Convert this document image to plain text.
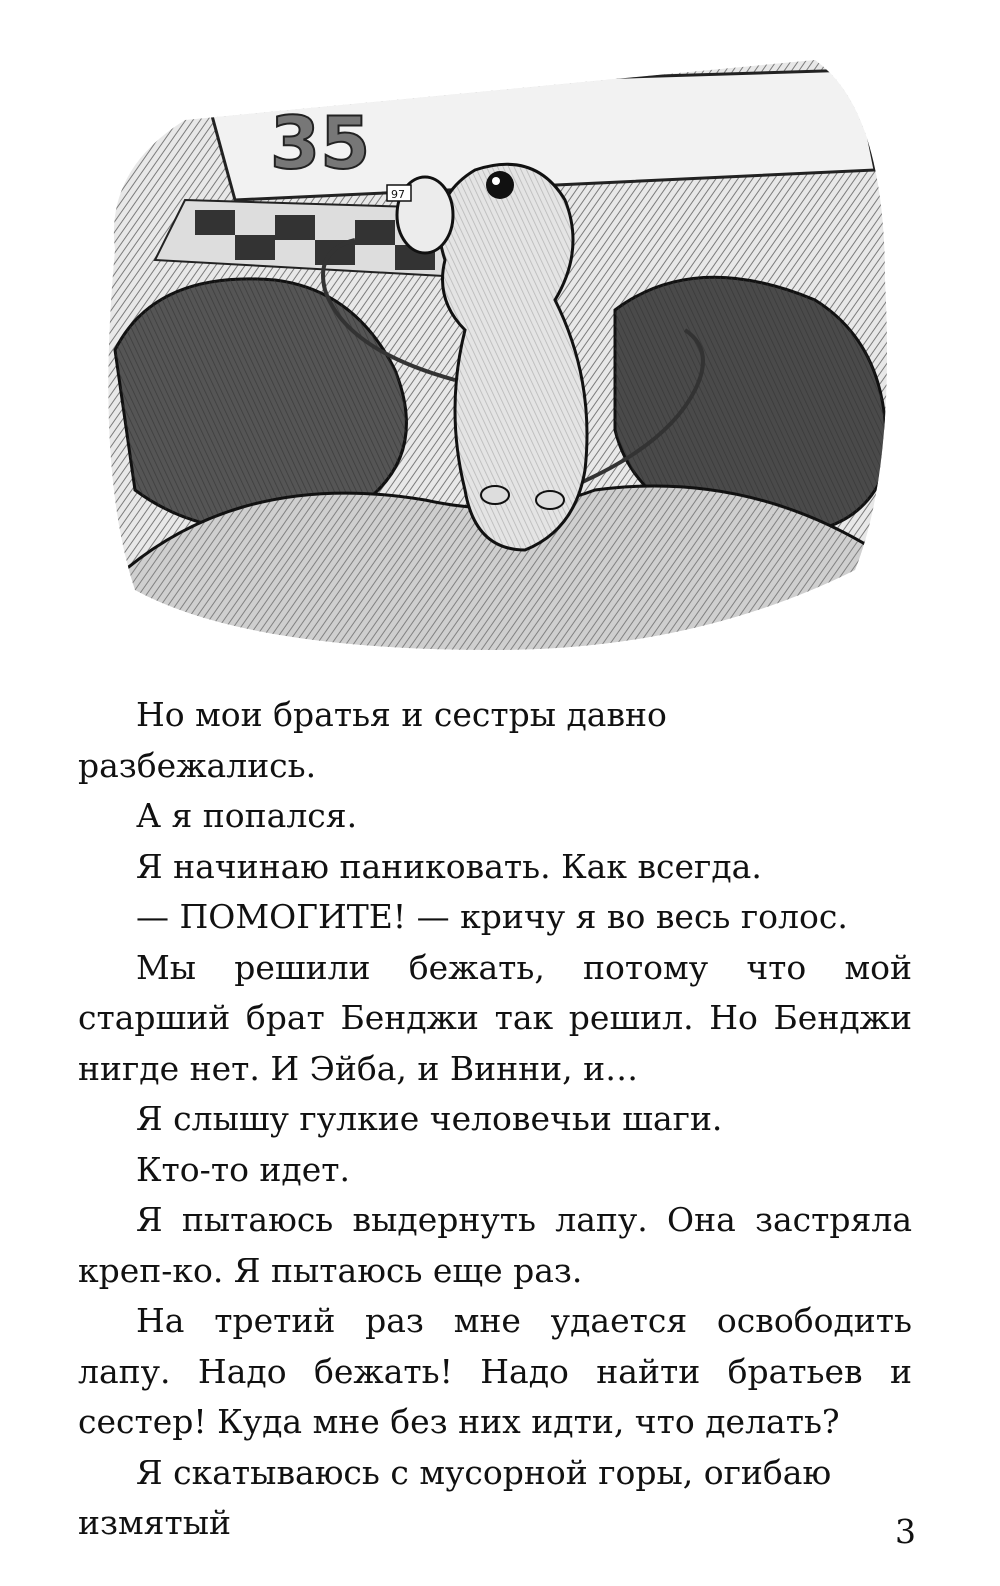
35
97

Но мои братья и сестры давно разбежались.

А я попался.

Я начинаю паниковать. Как всегда.

— ПОМОГИТЕ! — кричу я во весь голос.

Мы решили бежать, потому что мой старший брат Бенджи так решил. Но Бенджи нигде нет. И Эйба, и Винни, и…

Я слышу гулкие человечьи шаги.

Кто-то идет.

Я пытаюсь выдернуть лапу. Она застряла креп-ко. Я пытаюсь еще раз.

На третий раз мне удается освободить лапу. Надо бежать! Надо найти братьев и сестер! Куда мне без них идти, что делать?

Я скатываюсь с мусорной горы, огибаю измятый	3
